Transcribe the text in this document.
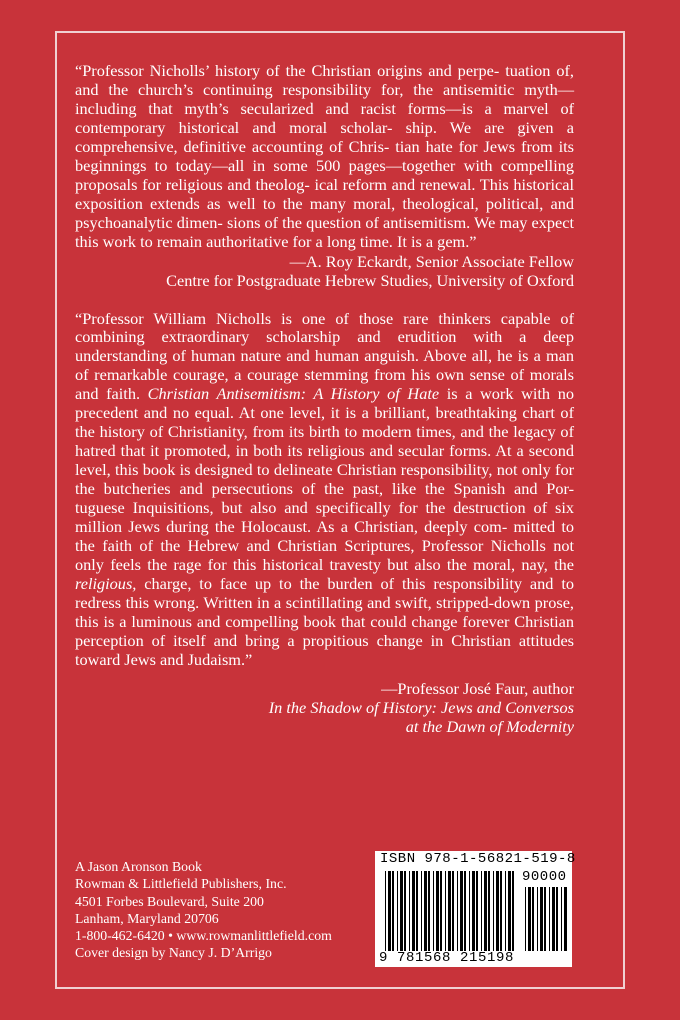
“Professor Nicholls’ history of the Christian origins and perpe- tuation of, and the church’s continuing responsibility for, the antisemitic myth—including that myth’s secularized and racist forms—is a marvel of contemporary historical and moral scholar- ship. We are given a comprehensive, definitive accounting of Chris- tian hate for Jews from its beginnings to today—all in some 500 pages—together with compelling proposals for religious and theolog- ical reform and renewal. This historical exposition extends as well to the many moral, theological, political, and psychoanalytic dimen- sions of the question of antisemitism. We may expect this work to remain authoritative for a long time. It is a gem.”

—A. Roy Eckardt, Senior Associate Fellow
Centre for Postgraduate Hebrew Studies, University of Oxford

“Professor William Nicholls is one of those rare thinkers capable of combining extraordinary scholarship and erudition with a deep understanding of human nature and human anguish. Above all, he is a man of remarkable courage, a courage stemming from his own sense of morals and faith. Christian Antisemitism: A History of Hate is a work with no precedent and no equal. At one level, it is a brilliant, breathtaking chart of the history of Christianity, from its birth to modern times, and the legacy of hatred that it promoted, in both its religious and secular forms. At a second level, this book is designed to delineate Christian responsibility, not only for the butcheries and persecutions of the past, like the Spanish and Por- tuguese Inquisitions, but also and specifically for the destruction of six million Jews during the Holocaust. As a Christian, deeply com- mitted to the faith of the Hebrew and Christian Scriptures, Professor Nicholls not only feels the rage for this historical travesty but also the moral, nay, the religious, charge, to face up to the burden of this responsibility and to redress this wrong. Written in a scintillating and swift, stripped-down prose, this is a luminous and compelling book that could change forever Christian perception of itself and bring a propitious change in Christian attitudes toward Jews and Judaism.”

—Professor José Faur, author
In the Shadow of History: Jews and Conversos
at the Dawn of Modernity
A Jason Aronson Book
Rowman & Littlefield Publishers, Inc.
4501 Forbes Boulevard, Suite 200
Lanham, Maryland 20706
1-800-462-6420 • www.rowmanlittlefield.com
Cover design by Nancy J. D’Arrigo
ISBN 978-1-56821-519-8
90000
9 781568 215198
